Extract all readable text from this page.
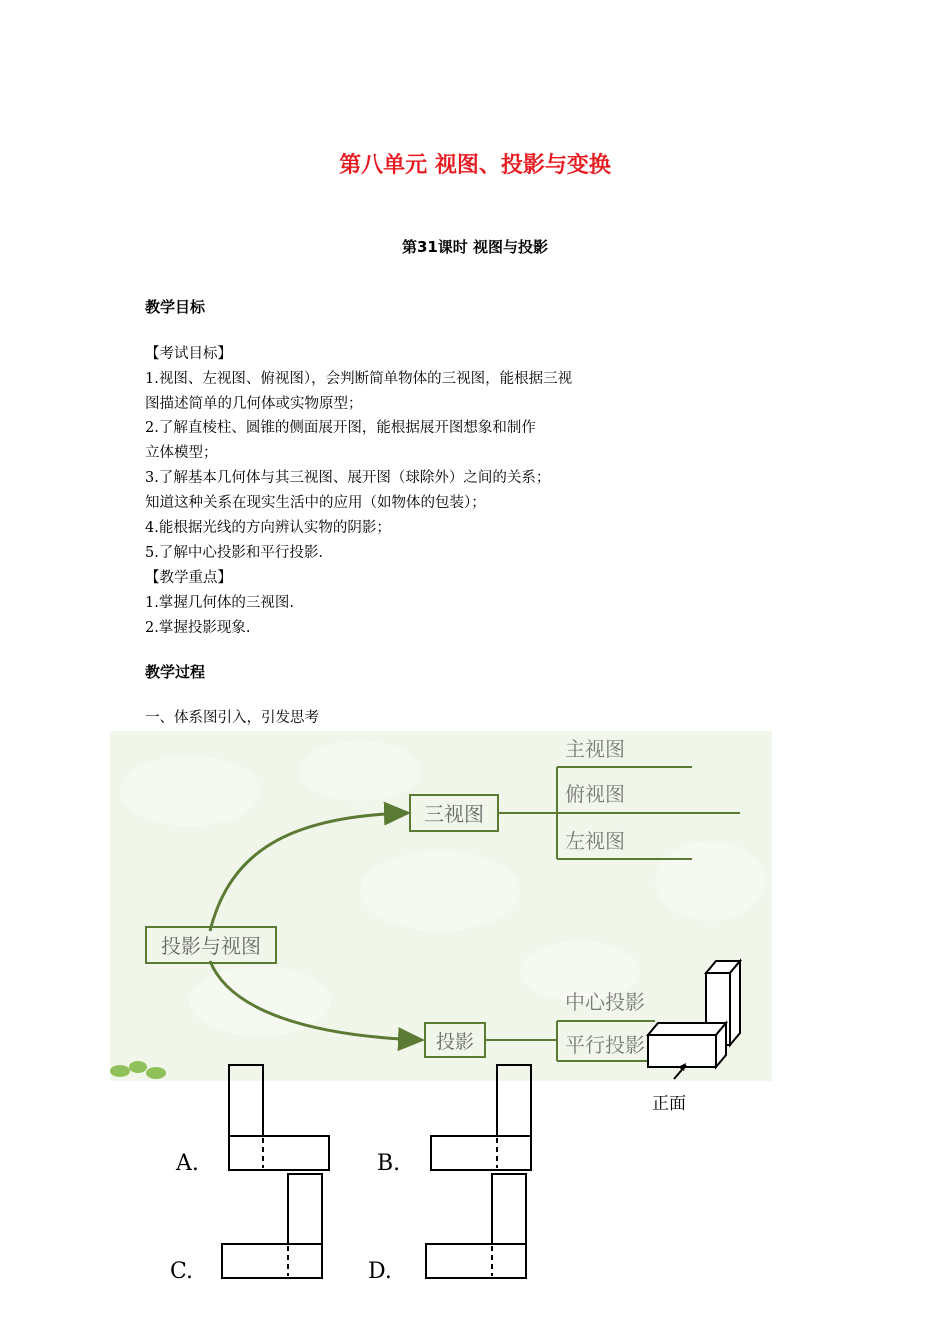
第八单元 视图、投影与变换
第31课时 视图与投影
教学目标
【考试目标】
1.视图、左视图、俯视图），会判断简单物体的三视图，能根据三视
图描述简单的几何体或实物原型；
2.了解直棱柱、圆锥的侧面展开图，能根据展开图想象和制作
立体模型；
3.了解基本几何体与其三视图、展开图（球除外）之间的关系；
知道这种关系在现实生活中的应用（如物体的包装）；
4.能根据光线的方向辨认实物的阴影；
5.了解中心投影和平行投影.
【教学重点】
1.掌握几何体的三视图.
2.掌握投影现象.
教学过程
一、体系图引入，引发思考
三视图
投影与视图
投影
主视图
俯视图
左视图
中心投影
平行投影
正面
A.	B.
C.	D.
